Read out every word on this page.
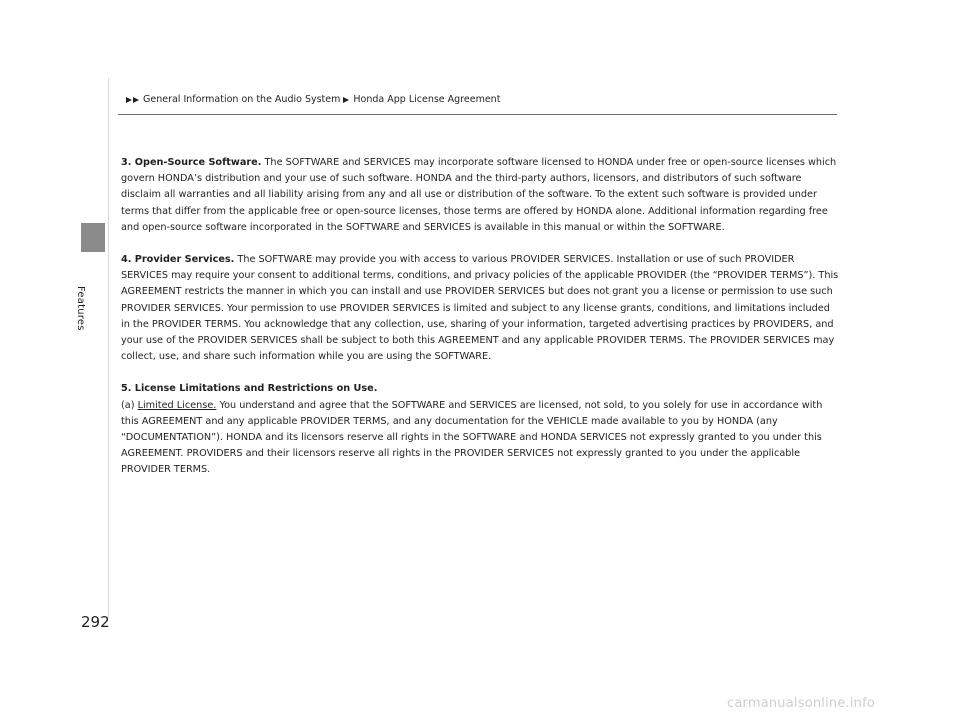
Features
General Information on the Audio System Honda App License Agreement

3. Open-Source Software. The SOFTWARE and SERVICES may incorporate software licensed to HONDA under free or open-source licenses which govern HONDA’s distribution and your use of such software. HONDA and the third-party authors, licensors, and distributors of such software disclaim all warranties and all liability arising from any and all use or distribution of the software. To the extent such software is provided under terms that differ from the applicable free or open-source licenses, those terms are offered by HONDA alone. Additional information regarding free and open-source software incorporated in the SOFTWARE and SERVICES is available in this manual or within the SOFTWARE.

4. Provider Services. The SOFTWARE may provide you with access to various PROVIDER SERVICES. Installation or use of such PROVIDER SERVICES may require your consent to additional terms, conditions, and privacy policies of the applicable PROVIDER (the “PROVIDER TERMS”). This AGREEMENT restricts the manner in which you can install and use PROVIDER SERVICES but does not grant you a license or permission to use such PROVIDER SERVICES. Your permission to use PROVIDER SERVICES is limited and subject to any license grants, conditions, and limitations included in the PROVIDER TERMS. You acknowledge that any collection, use, sharing of your information, targeted advertising practices by PROVIDERS, and your use of the PROVIDER SERVICES shall be subject to both this AGREEMENT and any applicable PROVIDER TERMS. The PROVIDER SERVICES may collect, use, and share such information while you are using the SOFTWARE.

5. License Limitations and Restrictions on Use.

(a) Limited License. You understand and agree that the SOFTWARE and SERVICES are licensed, not sold, to you solely for use in accordance with this AGREEMENT and any applicable PROVIDER TERMS, and any documentation for the VEHICLE made available to you by HONDA (any “DOCUMENTATION”). HONDA and its licensors reserve all rights in the SOFTWARE and HONDA SERVICES not expressly granted to you under this AGREEMENT. PROVIDERS and their licensors reserve all rights in the PROVIDER SERVICES not expressly granted to you under the applicable PROVIDER TERMS.

292
carmanualsonline.info
